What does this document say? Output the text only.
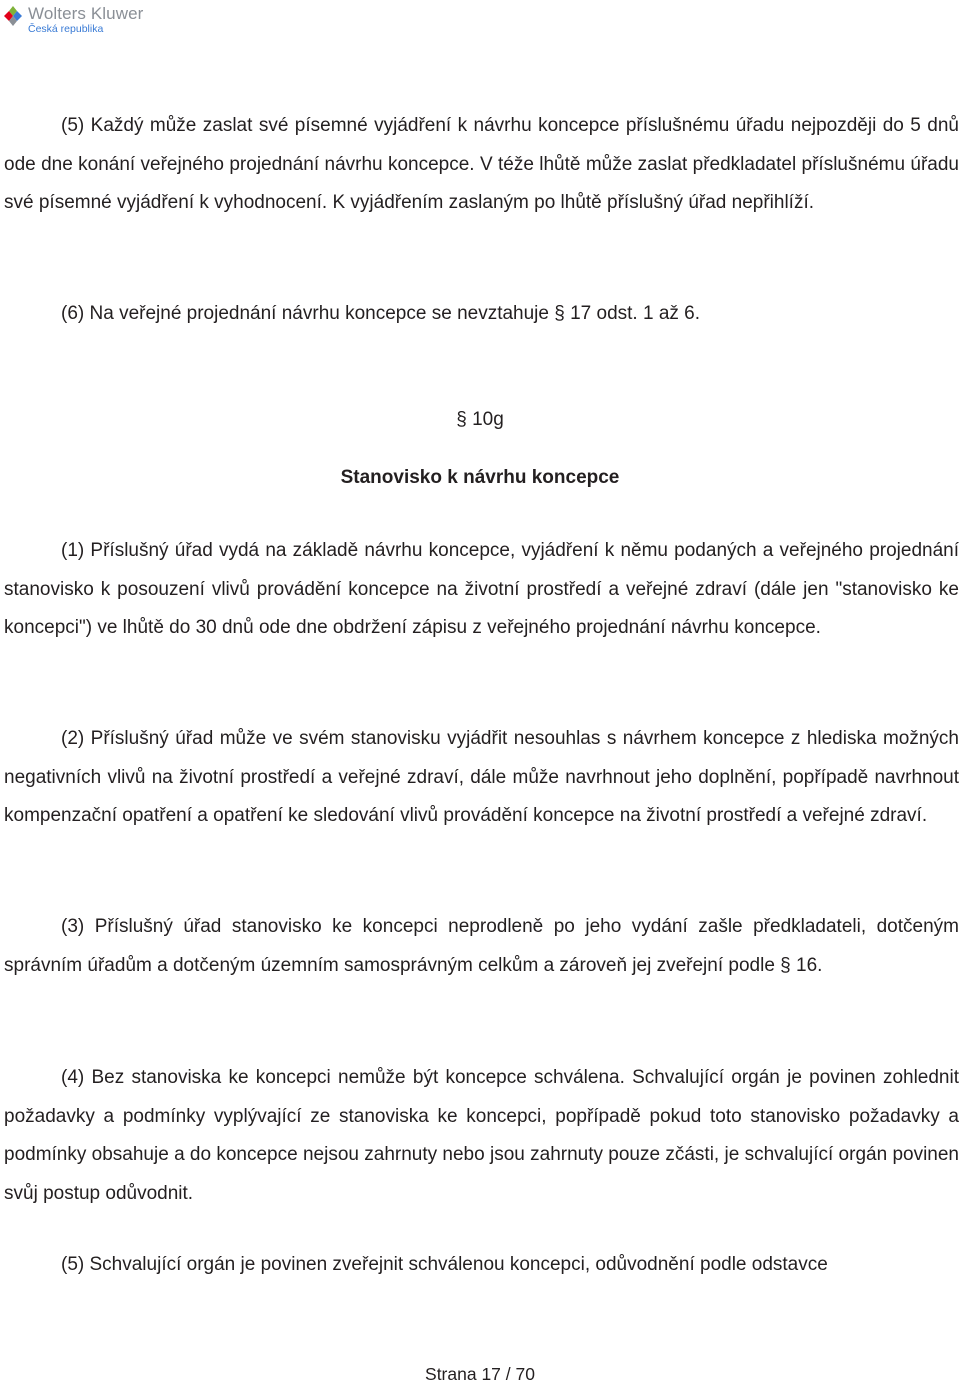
Wolters Kluwer
Česká republika

(5) Každý může zaslat své písemné vyjádření k návrhu koncepce příslušnému úřadu nejpozději do 5 dnů ode dne konání veřejného projednání návrhu koncepce. V téže lhůtě může zaslat předkladatel příslušnému úřadu své písemné vyjádření k vyhodnocení. K vyjádřením zaslaným po lhůtě příslušný úřad nepřihlíží.

(6) Na veřejné projednání návrhu koncepce se nevztahuje § 17 odst. 1 až 6.

§ 10g

Stanovisko k návrhu koncepce

(1) Příslušný úřad vydá na základě návrhu koncepce, vyjádření k němu podaných a veřejného projednání stanovisko k posouzení vlivů provádění koncepce na životní prostředí a veřejné zdraví (dále jen "stanovisko ke koncepci") ve lhůtě do 30 dnů ode dne obdržení zápisu z veřejného projednání návrhu koncepce.

(2) Příslušný úřad může ve svém stanovisku vyjádřit nesouhlas s návrhem koncepce z hlediska možných negativních vlivů na životní prostředí a veřejné zdraví, dále může navrhnout jeho doplnění, popřípadě navrhnout kompenzační opatření a opatření ke sledování vlivů provádění koncepce na životní prostředí a veřejné zdraví.

(3) Příslušný úřad stanovisko ke koncepci neprodleně po jeho vydání zašle předkladateli, dotčeným správním úřadům a dotčeným územním samosprávným celkům a zároveň jej zveřejní podle § 16.

(4) Bez stanoviska ke koncepci nemůže být koncepce schválena. Schvalující orgán je povinen zohlednit požadavky a podmínky vyplývající ze stanoviska ke koncepci, popřípadě pokud toto stanovisko požadavky a podmínky obsahuje a do koncepce nejsou zahrnuty nebo jsou zahrnuty pouze zčásti, je schvalující orgán povinen svůj postup odůvodnit.

(5) Schvalující orgán je povinen zveřejnit schválenou koncepci, odůvodnění podle odstavce

Strana 17 / 70
